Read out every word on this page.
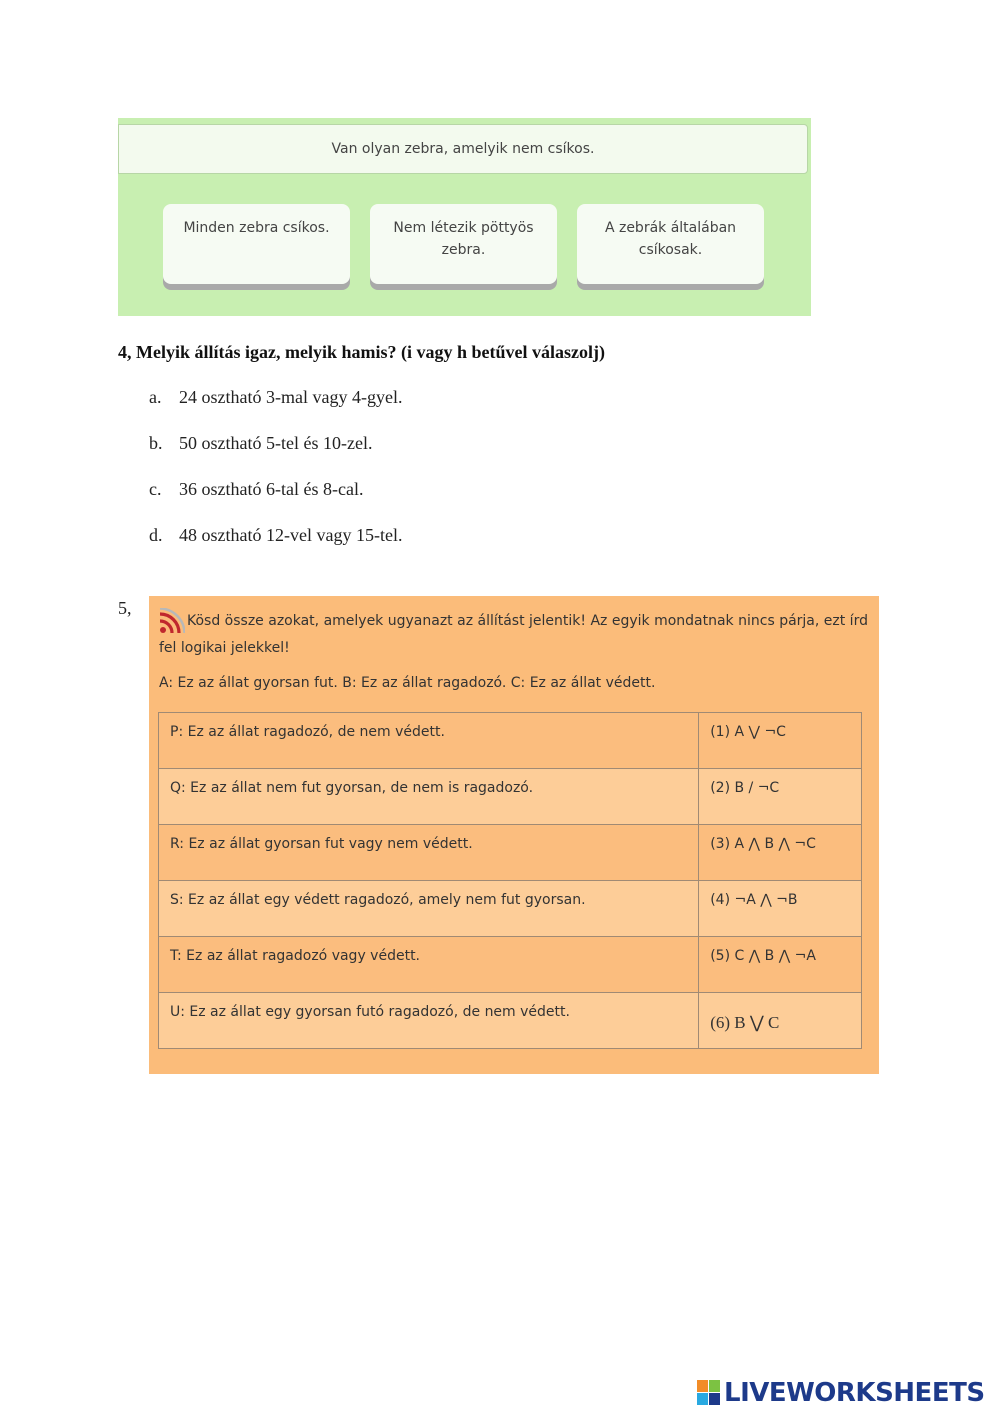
Van olyan zebra, amelyik nem csíkos.
Minden zebra csíkos.	Nem létezik pöttyös zebra.
A zebrák általában csíkosak.
4, Melyik állítás igaz, melyik hamis? (i vagy h betűvel válaszolj)
a. 24 osztható 3-mal vagy 4-gyel.
b. 50 osztható 5-tel és 10-zel.
c. 36 osztható 6-tal és 8-cal.
d. 48 osztható 12-vel vagy 15-tel.
5,
Kösd össze azokat, amelyek ugyanazt az állítást jelentik! Az egyik mondatnak nincs párja, ezt írd fel logikai jelekkel!
A: Ez az állat gyorsan fut. B: Ez az állat ragadozó. C: Ez az állat védett.
P: Ez az állat ragadozó, de nem védett.	(1) A ⋁ ¬C
Q: Ez az állat nem fut gyorsan, de nem is ragadozó.	(2) B / ¬C
R: Ez az állat gyorsan fut vagy nem védett.	(3) A ⋀ B ⋀ ¬C
S: Ez az állat egy védett ragadozó, amely nem fut gyorsan.	(4) ¬A ⋀ ¬B
T: Ez az állat ragadozó vagy védett.	(5) C ⋀ B ⋀ ¬A
U: Ez az állat egy gyorsan futó ragadozó, de nem védett.	(6) B ⋁ C
LIVEWORKSHEETS
